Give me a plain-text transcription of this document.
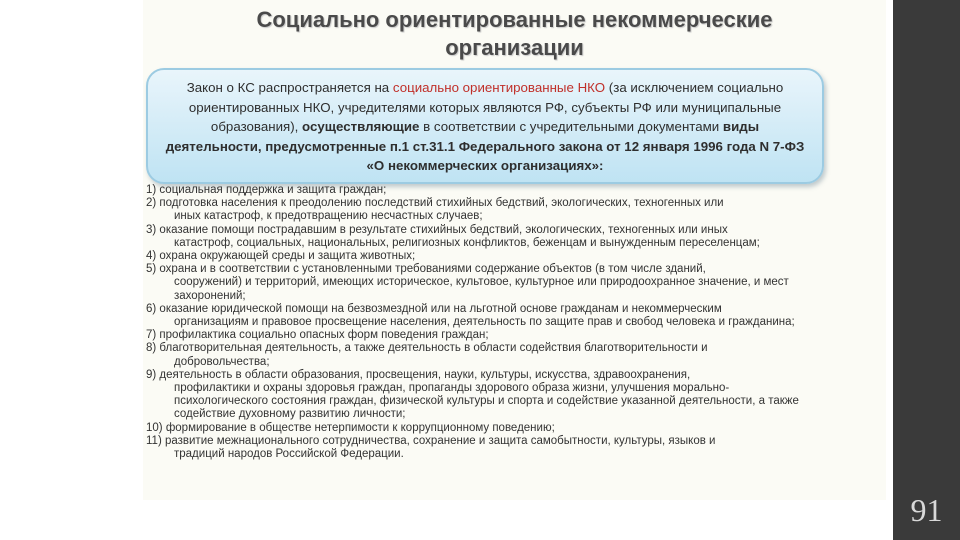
91
Социально ориентированные некоммерческие
организации
Закон о КС распространяется на социально ориентированные НКО (за исключением социально ориентированных НКО, учредителями которых являются РФ, субъекты РФ или муниципальные образования), осуществляющие в соответствии с учредительными документами виды деятельности, предусмотренные п.1 ст.31.1 Федерального закона от 12 января 1996 года N 7-ФЗ «О некоммерческих организациях»:
1) социальная поддержка и защита граждан;
2) подготовка населения к преодолению последствий стихийных бедствий, экологических, техногенных или
иных катастроф, к предотвращению несчастных случаев;
3) оказание помощи пострадавшим в результате стихийных бедствий, экологических, техногенных или иных
катастроф, социальных, национальных, религиозных конфликтов, беженцам и вынужденным переселенцам;
4) охрана окружающей среды и защита животных;
5) охрана и в соответствии с установленными требованиями содержание объектов (в том числе зданий,
сооружений) и территорий, имеющих историческое, культовое, культурное или природоохранное значение, и мест захоронений;
6) оказание юридической помощи на безвозмездной или на льготной основе гражданам и некоммерческим
организациям и правовое просвещение населения, деятельность по защите прав и свобод человека и гражданина;
7) профилактика социально опасных форм поведения граждан;
8) благотворительная деятельность, а также деятельность в области содействия благотворительности и
добровольчества;
9) деятельность в области образования, просвещения, науки, культуры, искусства, здравоохранения,
профилактики и охраны здоровья граждан, пропаганды здорового образа жизни, улучшения морально-психологического состояния граждан, физической культуры и спорта и содействие указанной деятельности, а также содействие духовному развитию личности;
10) формирование в обществе нетерпимости к коррупционному поведению;
11) развитие межнационального сотрудничества, сохранение и защита самобытности, культуры, языков и
традиций народов Российской Федерации.
